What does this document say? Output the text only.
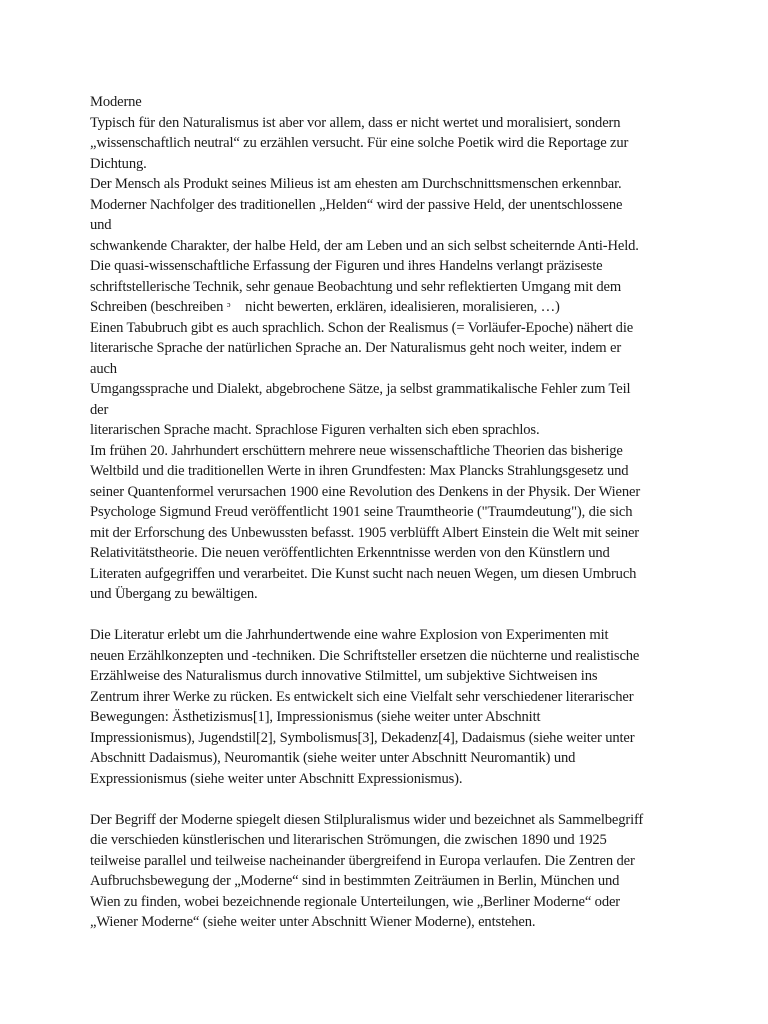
Moderne
Typisch für den Naturalismus ist aber vor allem, dass er nicht wertet und moralisiert, sondern
„wissenschaftlich neutral“ zu erzählen versucht. Für eine solche Poetik wird die Reportage zur
Dichtung.
Der Mensch als Produkt seines Milieus ist am ehesten am Durchschnittsmenschen erkennbar.
Moderner Nachfolger des traditionellen „Helden“ wird der passive Held, der unentschlossene
und
schwankende Charakter, der halbe Held, der am Leben und an sich selbst scheiternde Anti-Held.
Die quasi-wissenschaftliche Erfassung der Figuren und ihres Handelns verlangt präziseste
schriftstellerische Technik, sehr genaue Beobachtung und sehr reflektierten Umgang mit dem
Schreiben (beschreiben ᵓᷓ nicht bewerten, erklären, idealisieren, moralisieren, …)
Einen Tabubruch gibt es auch sprachlich. Schon der Realismus (= Vorläufer-Epoche) nähert die
literarische Sprache der natürlichen Sprache an. Der Naturalismus geht noch weiter, indem er
auch
Umgangssprache und Dialekt, abgebrochene Sätze, ja selbst grammatikalische Fehler zum Teil
der
literarischen Sprache macht. Sprachlose Figuren verhalten sich eben sprachlos.
Im frühen 20. Jahrhundert erschüttern mehrere neue wissenschaftliche Theorien das bisherige
Weltbild und die traditionellen Werte in ihren Grundfesten: Max Plancks Strahlungsgesetz und
seiner Quantenformel verursachen 1900 eine Revolution des Denkens in der Physik. Der Wiener
Psychologe Sigmund Freud veröffentlicht 1901 seine Traumtheorie ("Traumdeutung"), die sich
mit der Erforschung des Unbewussten befasst. 1905 verblüfft Albert Einstein die Welt mit seiner
Relativitätstheorie. Die neuen veröffentlichten Erkenntnisse werden von den Künstlern und
Literaten aufgegriffen und verarbeitet. Die Kunst sucht nach neuen Wegen, um diesen Umbruch
und Übergang zu bewältigen.
Die Literatur erlebt um die Jahrhundertwende eine wahre Explosion von Experimenten mit
neuen Erzählkonzepten und -techniken. Die Schriftsteller ersetzen die nüchterne und realistische
Erzählweise des Naturalismus durch innovative Stilmittel, um subjektive Sichtweisen ins
Zentrum ihrer Werke zu rücken. Es entwickelt sich eine Vielfalt sehr verschiedener literarischer
Bewegungen: Ästhetizismus[1], Impressionismus (siehe weiter unter Abschnitt
Impressionismus), Jugendstil[2], Symbolismus[3], Dekadenz[4], Dadaismus (siehe weiter unter
Abschnitt Dadaismus), Neuromantik (siehe weiter unter Abschnitt Neuromantik) und
Expressionismus (siehe weiter unter Abschnitt Expressionismus).
Der Begriff der Moderne spiegelt diesen Stilpluralismus wider und bezeichnet als Sammelbegriff
die verschieden künstlerischen und literarischen Strömungen, die zwischen 1890 und 1925
teilweise parallel und teilweise nacheinander übergreifend in Europa verlaufen. Die Zentren der
Aufbruchsbewegung der „Moderne“ sind in bestimmten Zeiträumen in Berlin, München und
Wien zu finden, wobei bezeichnende regionale Unterteilungen, wie „Berliner Moderne“ oder
„Wiener Moderne“ (siehe weiter unter Abschnitt Wiener Moderne), entstehen.
